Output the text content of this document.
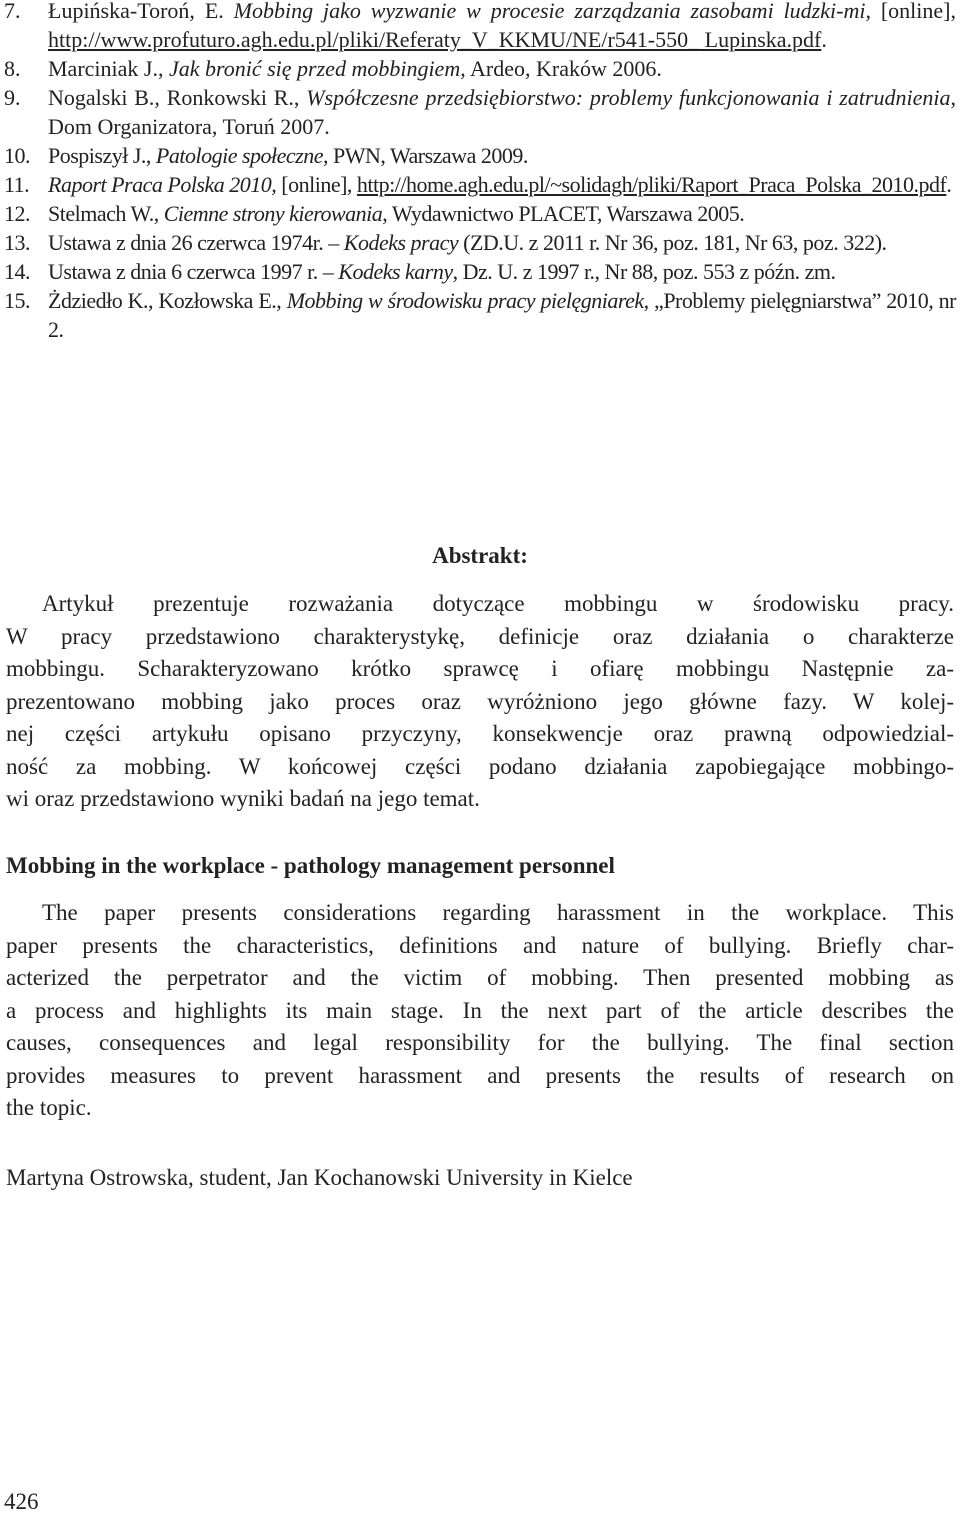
7.	Łupińska-Toroń, E. Mobbing jako wyzwanie w procesie zarządzania zasobami ludzki-mi, [online], http://www.profuturo.agh.edu.pl/pliki/Referaty_V_KKMU/NE/r541-550_ Lupinska.pdf.
8.	Marciniak J., Jak bronić się przed mobbingiem, Ardeo, Kraków 2006.
9.	Nogalski B., Ronkowski R., Współczesne przedsiębiorstwo: problemy funkcjonowania i zatrudnienia, Dom Organizatora, Toruń 2007.
10. Pospiszył J., Patologie społeczne, PWN, Warszawa 2009.
11. Raport Praca Polska 2010, [online], http://home.agh.edu.pl/~solidagh/pliki/Raport_Praca_Polska_2010.pdf.
12. Stelmach W., Ciemne strony kierowania, Wydawnictwo PLACET, Warszawa 2005.
13. Ustawa z dnia 26 czerwca 1974r. – Kodeks pracy (ZD.U. z 2011 r. Nr 36, poz. 181, Nr 63, poz. 322).
14. Ustawa z dnia 6 czerwca 1997 r. – Kodeks karny, Dz. U. z 1997 r., Nr 88, poz. 553 z późn. zm.
15. Żdziedło K., Kozłowska E., Mobbing w środowisku pracy pielęgniarek, „Problemy pielęgniarstwa” 2010, nr 2.
Abstrakt:
Artykuł prezentuje rozważania dotyczące mobbingu w środowisku pracy.
W pracy przedstawiono charakterystykę, definicje oraz działania o charakterze
mobbingu. Scharakteryzowano krótko sprawcę i ofiarę mobbingu Następnie za-
prezentowano mobbing jako proces oraz wyróżniono jego główne fazy. W kolej-
nej części artykułu opisano przyczyny, konsekwencje oraz prawną odpowiedzial-
ność za mobbing. W końcowej części podano działania zapobiegające mobbingo-
wi oraz przedstawiono wyniki badań na jego temat.
Mobbing in the workplace - pathology management personnel
The paper presents considerations regarding harassment in the workplace. This
paper presents the characteristics, definitions and nature of bullying. Briefly char-
acterized the perpetrator and the victim of mobbing. Then presented mobbing as
a process and highlights its main stage. In the next part of the article describes the
causes, consequences and legal responsibility for the bullying. The final section
provides measures to prevent harassment and presents the results of research on
the topic.
Martyna Ostrowska, student, Jan Kochanowski University in Kielce
426
